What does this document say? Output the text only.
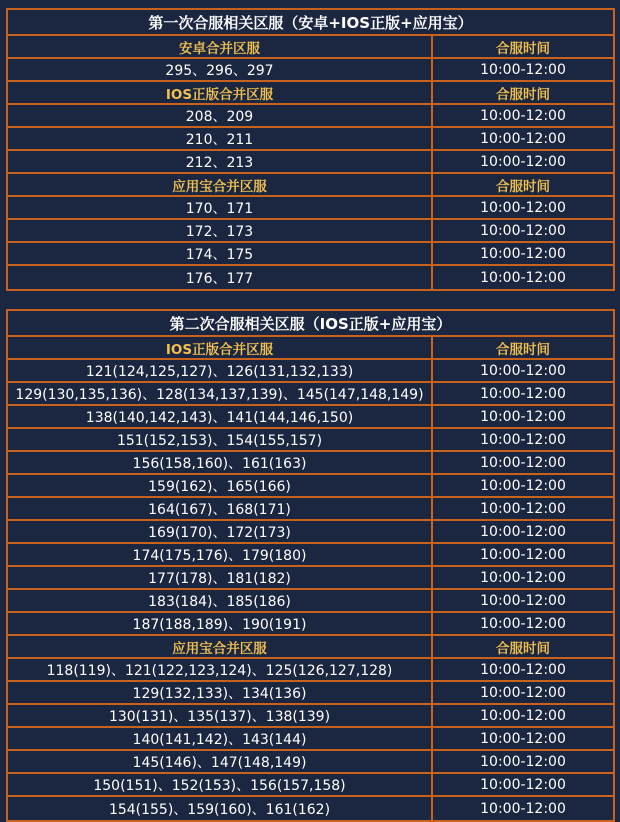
第一次合服相关区服（安卓+IOS正版+应用宝）
安卓合并区服	合服时间
295、296、297	10:00-12:00
IOS正版合并区服	合服时间
208、209	10:00-12:00
210、211	10:00-12:00
212、213	10:00-12:00
应用宝合并区服	合服时间
170、171	10:00-12:00
172、173	10:00-12:00
174、175	10:00-12:00
176、177	10:00-12:00
第二次合服相关区服（IOS正版+应用宝）
IOS正版合并区服	合服时间
121(124,125,127)、126(131,132,133)	10:00-12:00
129(130,135,136)、128(134,137,139)、145(147,148,149)	10:00-12:00
138(140,142,143)、141(144,146,150)	10:00-12:00
151(152,153)、154(155,157)	10:00-12:00
156(158,160)、161(163)	10:00-12:00
159(162)、165(166)	10:00-12:00
164(167)、168(171)	10:00-12:00
169(170)、172(173)	10:00-12:00
174(175,176)、179(180)	10:00-12:00
177(178)、181(182)	10:00-12:00
183(184)、185(186)	10:00-12:00
187(188,189)、190(191)	10:00-12:00
应用宝合并区服	合服时间
118(119)、121(122,123,124)、125(126,127,128)	10:00-12:00
129(132,133)、134(136)	10:00-12:00
130(131)、135(137)、138(139)	10:00-12:00
140(141,142)、143(144)	10:00-12:00
145(146)、147(148,149)	10:00-12:00
150(151)、152(153)、156(157,158)	10:00-12:00
154(155)、159(160)、161(162)	10:00-12:00
